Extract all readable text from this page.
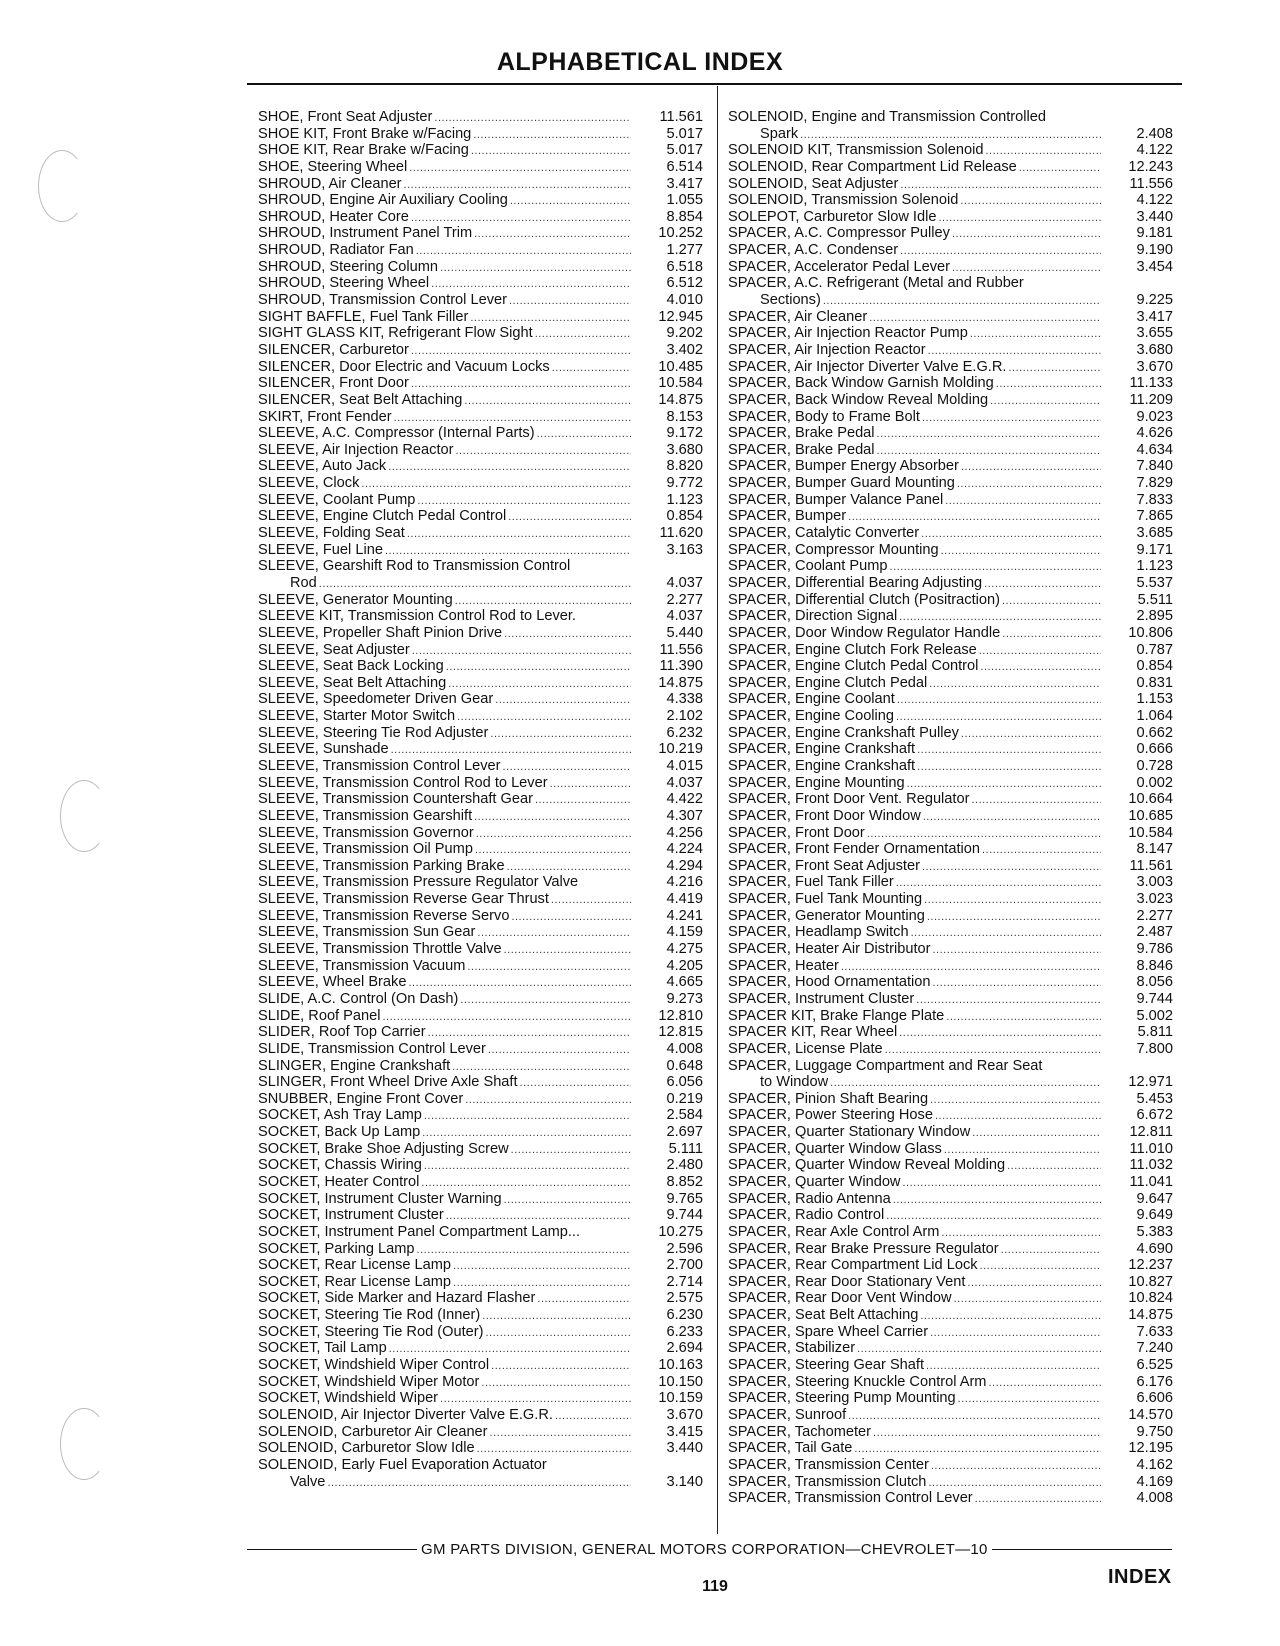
ALPHABETICAL INDEX
SHOE, Front Seat Adjuster .....	11.561
SHOE KIT, Front Brake w/Facing .....	5.017
SHOE KIT, Rear Brake w/Facing .....	5.017
SHOE, Steering Wheel .....	6.514
SHROUD, Air Cleaner .....	3.417
SHROUD, Engine Air Auxiliary Cooling .....	1.055
SHROUD, Heater Core .....	8.854
SHROUD, Instrument Panel Trim .....	10.252
SHROUD, Radiator Fan .....	1.277
SHROUD, Steering Column .....	6.518
SHROUD, Steering Wheel .....	6.512
SHROUD, Transmission Control Lever .....	4.010
SIGHT BAFFLE, Fuel Tank Filler .....	12.945
SIGHT GLASS KIT, Refrigerant Flow Sight .....	9.202
SILENCER, Carburetor .....	3.402
SILENCER, Door Electric and Vacuum Locks .....	10.485
SILENCER, Front Door .....	10.584
SILENCER, Seat Belt Attaching .....	14.875
SKIRT, Front Fender .....	8.153
SLEEVE, A.C. Compressor (Internal Parts) .....	9.172
SLEEVE, Air Injection Reactor .....	3.680
SLEEVE, Auto Jack .....	8.820
SLEEVE, Clock .....	9.772
SLEEVE, Coolant Pump .....	1.123
SLEEVE, Engine Clutch Pedal Control .....	0.854
SLEEVE, Folding Seat .....	11.620
SLEEVE, Fuel Line .....	3.163
SLEEVE, Gearshift Rod to Transmission Control
Rod .....	4.037
SLEEVE, Generator Mounting .....	2.277
SLEEVE KIT, Transmission Control Rod to Lever.	4.037
SLEEVE, Propeller Shaft Pinion Drive .....	5.440
SLEEVE, Seat Adjuster .....	11.556
SLEEVE, Seat Back Locking .....	11.390
SLEEVE, Seat Belt Attaching .....	14.875
SLEEVE, Speedometer Driven Gear .....	4.338
SLEEVE, Starter Motor Switch .....	2.102
SLEEVE, Steering Tie Rod Adjuster .....	6.232
SLEEVE, Sunshade .....	10.219
SLEEVE, Transmission Control Lever .....	4.015
SLEEVE, Transmission Control Rod to Lever .....	4.037
SLEEVE, Transmission Countershaft Gear .....	4.422
SLEEVE, Transmission Gearshift .....	4.307
SLEEVE, Transmission Governor .....	4.256
SLEEVE, Transmission Oil Pump .....	4.224
SLEEVE, Transmission Parking Brake .....	4.294
SLEEVE, Transmission Pressure Regulator Valve	4.216
SLEEVE, Transmission Reverse Gear Thrust .....	4.419
SLEEVE, Transmission Reverse Servo .....	4.241
SLEEVE, Transmission Sun Gear .....	4.159
SLEEVE, Transmission Throttle Valve .....	4.275
SLEEVE, Transmission Vacuum .....	4.205
SLEEVE, Wheel Brake .....	4.665
SLIDE, A.C. Control (On Dash) .....	9.273
SLIDE, Roof Panel .....	12.810
SLIDER, Roof Top Carrier .....	12.815
SLIDE, Transmission Control Lever .....	4.008
SLINGER, Engine Crankshaft .....	0.648
SLINGER, Front Wheel Drive Axle Shaft .....	6.056
SNUBBER, Engine Front Cover .....	0.219
SOCKET, Ash Tray Lamp .....	2.584
SOCKET, Back Up Lamp .....	2.697
SOCKET, Brake Shoe Adjusting Screw .....	5.111
SOCKET, Chassis Wiring .....	2.480
SOCKET, Heater Control .....	8.852
SOCKET, Instrument Cluster Warning .....	9.765
SOCKET, Instrument Cluster .....	9.744
SOCKET, Instrument Panel Compartment Lamp...	10.275
SOCKET, Parking Lamp .....	2.596
SOCKET, Rear License Lamp .....	2.700
SOCKET, Rear License Lamp .....	2.714
SOCKET, Side Marker and Hazard Flasher .....	2.575
SOCKET, Steering Tie Rod (Inner) .....	6.230
SOCKET, Steering Tie Rod (Outer) .....	6.233
SOCKET, Tail Lamp .....	2.694
SOCKET, Windshield Wiper Control .....	10.163
SOCKET, Windshield Wiper Motor .....	10.150
SOCKET, Windshield Wiper .....	10.159
SOLENOID, Air Injector Diverter Valve E.G.R. .....	3.670
SOLENOID, Carburetor Air Cleaner .....	3.415
SOLENOID, Carburetor Slow Idle .....	3.440
SOLENOID, Early Fuel Evaporation Actuator
Valve .....	3.140
SOLENOID, Engine and Transmission Controlled
Spark .....	2.408
SOLENOID KIT, Transmission Solenoid .....	4.122
SOLENOID, Rear Compartment Lid Release .....	12.243
SOLENOID, Seat Adjuster .....	11.556
SOLENOID, Transmission Solenoid .....	4.122
SOLEPOT, Carburetor Slow Idle .....	3.440
SPACER, A.C. Compressor Pulley .....	9.181
SPACER, A.C. Condenser .....	9.190
SPACER, Accelerator Pedal Lever .....	3.454
SPACER, A.C. Refrigerant (Metal and Rubber
Sections) .....	9.225
SPACER, Air Cleaner .....	3.417
SPACER, Air Injection Reactor Pump .....	3.655
SPACER, Air Injection Reactor .....	3.680
SPACER, Air Injector Diverter Valve E.G.R. .....	3.670
SPACER, Back Window Garnish Molding .....	11.133
SPACER, Back Window Reveal Molding .....	11.209
SPACER, Body to Frame Bolt .....	9.023
SPACER, Brake Pedal .....	4.626
SPACER, Brake Pedal .....	4.634
SPACER, Bumper Energy Absorber .....	7.840
SPACER, Bumper Guard Mounting .....	7.829
SPACER, Bumper Valance Panel .....	7.833
SPACER, Bumper .....	7.865
SPACER, Catalytic Converter .....	3.685
SPACER, Compressor Mounting .....	9.171
SPACER, Coolant Pump .....	1.123
SPACER, Differential Bearing Adjusting .....	5.537
SPACER, Differential Clutch (Positraction) .....	5.511
SPACER, Direction Signal .....	2.895
SPACER, Door Window Regulator Handle .....	10.806
SPACER, Engine Clutch Fork Release .....	0.787
SPACER, Engine Clutch Pedal Control .....	0.854
SPACER, Engine Clutch Pedal .....	0.831
SPACER, Engine Coolant .....	1.153
SPACER, Engine Cooling .....	1.064
SPACER, Engine Crankshaft Pulley .....	0.662
SPACER, Engine Crankshaft .....	0.666
SPACER, Engine Crankshaft .....	0.728
SPACER, Engine Mounting .....	0.002
SPACER, Front Door Vent. Regulator .....	10.664
SPACER, Front Door Window .....	10.685
SPACER, Front Door .....	10.584
SPACER, Front Fender Ornamentation .....	8.147
SPACER, Front Seat Adjuster .....	11.561
SPACER, Fuel Tank Filler .....	3.003
SPACER, Fuel Tank Mounting .....	3.023
SPACER, Generator Mounting .....	2.277
SPACER, Headlamp Switch .....	2.487
SPACER, Heater Air Distributor .....	9.786
SPACER, Heater .....	8.846
SPACER, Hood Ornamentation .....	8.056
SPACER, Instrument Cluster .....	9.744
SPACER KIT, Brake Flange Plate .....	5.002
SPACER KIT, Rear Wheel .....	5.811
SPACER, License Plate .....	7.800
SPACER, Luggage Compartment and Rear Seat
to Window .....	12.971
SPACER, Pinion Shaft Bearing .....	5.453
SPACER, Power Steering Hose .....	6.672
SPACER, Quarter Stationary Window .....	12.811
SPACER, Quarter Window Glass .....	11.010
SPACER, Quarter Window Reveal Molding .....	11.032
SPACER, Quarter Window .....	11.041
SPACER, Radio Antenna .....	9.647
SPACER, Radio Control .....	9.649
SPACER, Rear Axle Control Arm .....	5.383
SPACER, Rear Brake Pressure Regulator .....	4.690
SPACER, Rear Compartment Lid Lock .....	12.237
SPACER, Rear Door Stationary Vent .....	10.827
SPACER, Rear Door Vent Window .....	10.824
SPACER, Seat Belt Attaching .....	14.875
SPACER, Spare Wheel Carrier .....	7.633
SPACER, Stabilizer .....	7.240
SPACER, Steering Gear Shaft .....	6.525
SPACER, Steering Knuckle Control Arm .....	6.176
SPACER, Steering Pump Mounting .....	6.606
SPACER, Sunroof .....	14.570
SPACER, Tachometer .....	9.750
SPACER, Tail Gate .....	12.195
SPACER, Transmission Center .....	4.162
SPACER, Transmission Clutch .....	4.169
SPACER, Transmission Control Lever .....	4.008
GM PARTS DIVISION, GENERAL MOTORS CORPORATION—CHEVROLET—10
119	INDEX
